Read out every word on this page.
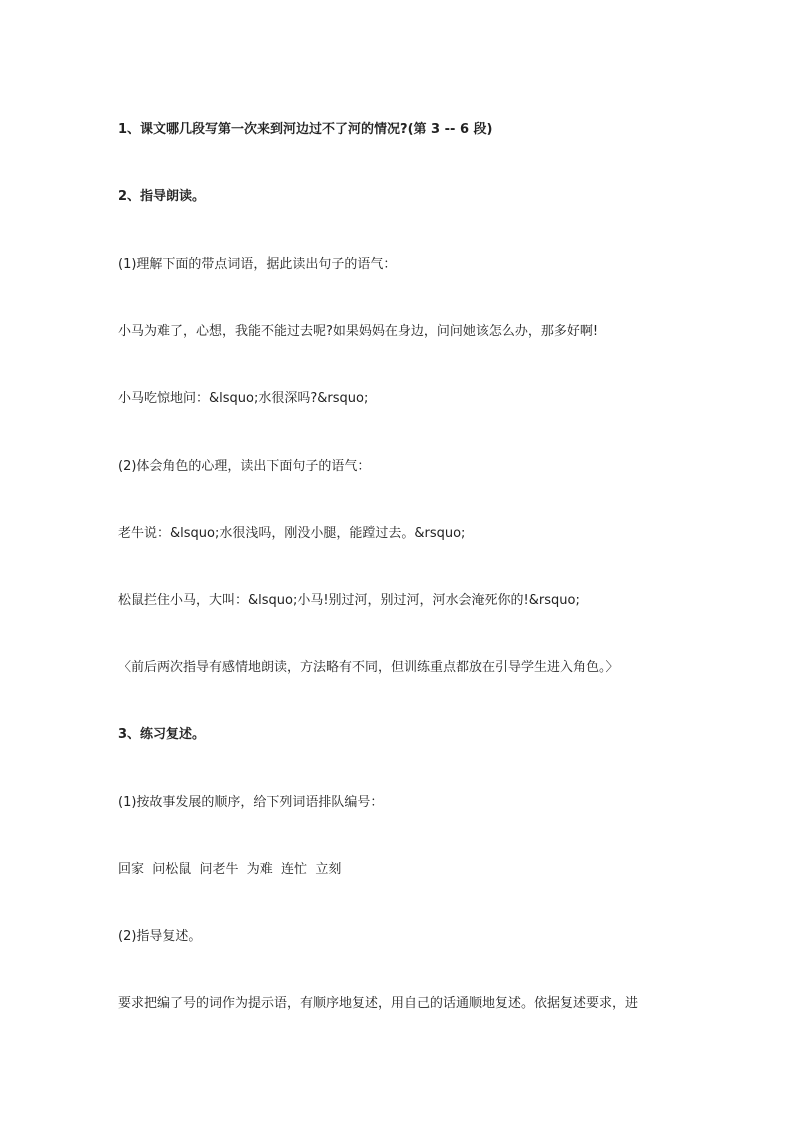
1、课文哪几段写第一次来到河边过不了河的情况?(第 3 -- 6 段)
2、指导朗读。
(1)理解下面的带点词语，据此读出句子的语气：
小马为难了，心想，我能不能过去呢?如果妈妈在身边，问问她该怎么办，那多好啊!
小马吃惊地问：&lsquo;水很深吗?&rsquo;
(2)体会角色的心理，读出下面句子的语气：
老牛说：&lsquo;水很浅吗，刚没小腿，能蹚过去。&rsquo;
松鼠拦住小马，大叫：&lsquo;小马!别过河，别过河，河水会淹死你的!&rsquo;
〈前后两次指导有感情地朗读，方法略有不同，但训练重点都放在引导学生进入角色。〉
3、练习复述。
(1)按故事发展的顺序，给下列词语排队编号：
回家  问松鼠  问老牛  为难  连忙  立刻
(2)指导复述。
要求把编了号的词作为提示语，有顺序地复述，用自己的话通顺地复述。依据复述要求，进
